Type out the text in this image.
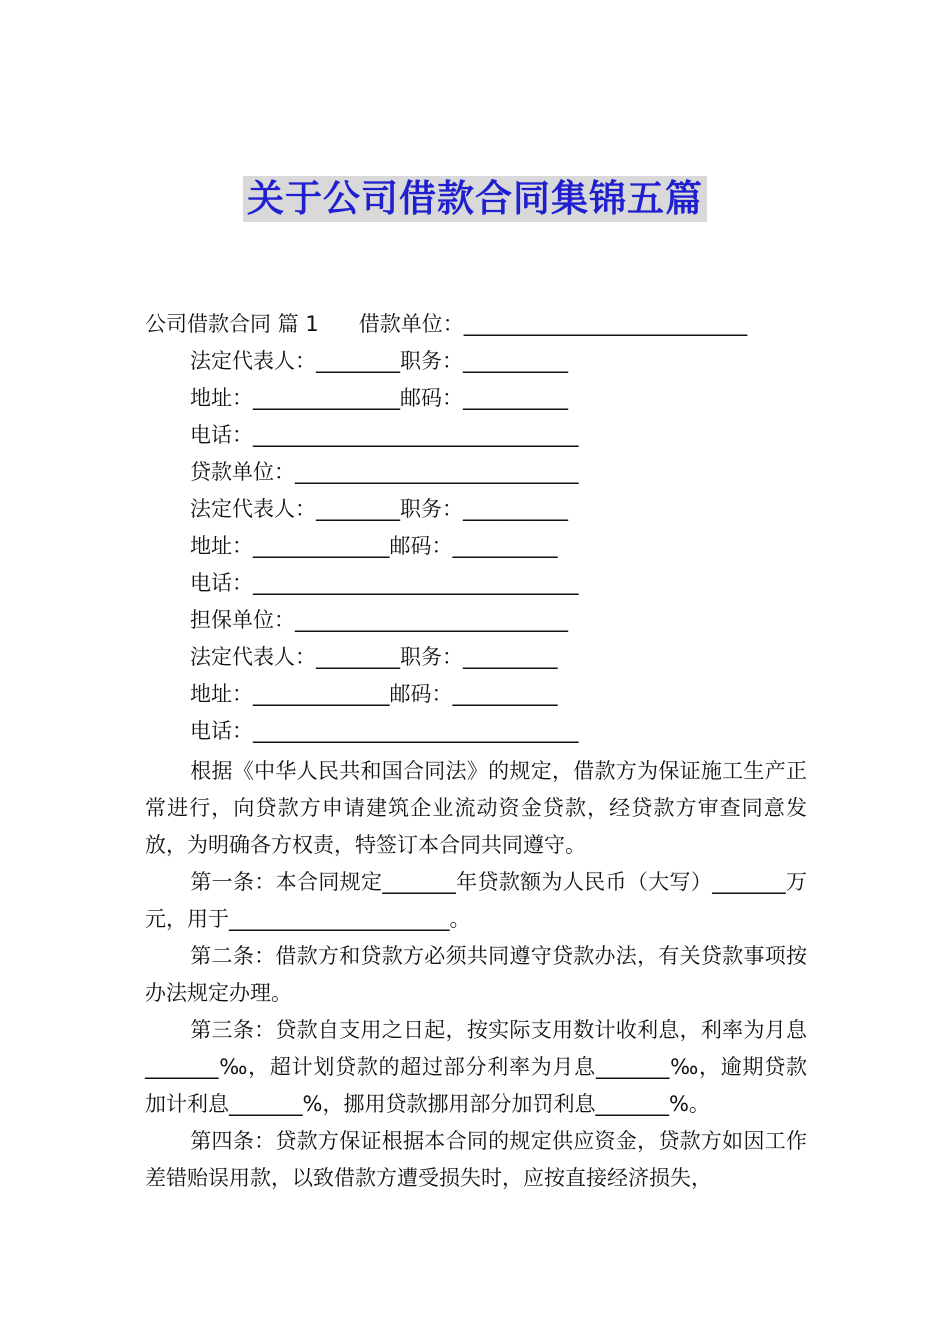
关于公司借款合同集锦五篇
公司借款合同 篇 1 借款单位：___________________________
法定代表人：________职务：__________
地址：______________邮码：__________
电话：_______________________________
贷款单位：___________________________
法定代表人：________职务：__________
地址：_____________邮码：__________
电话：_______________________________
担保单位：__________________________
法定代表人：________职务：_________
地址：_____________邮码：__________
电话：_______________________________
根据《中华人民共和国合同法》的规定，借款方为保证施工生产正常进行，向贷款方申请建筑企业流动资金贷款，经贷款方审查同意发放，为明确各方权责，特签订本合同共同遵守。
第一条：本合同规定_______年贷款额为人民币（大写）_______万元，用于_____________________。
第二条：借款方和贷款方必须共同遵守贷款办法，有关贷款事项按办法规定办理。
第三条：贷款自支用之日起，按实际支用数计收利息，利率为月息_______‰，超计划贷款的超过部分利率为月息_______‰，逾期贷款加计利息_______%，挪用贷款挪用部分加罚利息_______%。
第四条：贷款方保证根据本合同的规定供应资金，贷款方如因工作差错贻误用款，以致借款方遭受损失时，应按直接经济损失，
